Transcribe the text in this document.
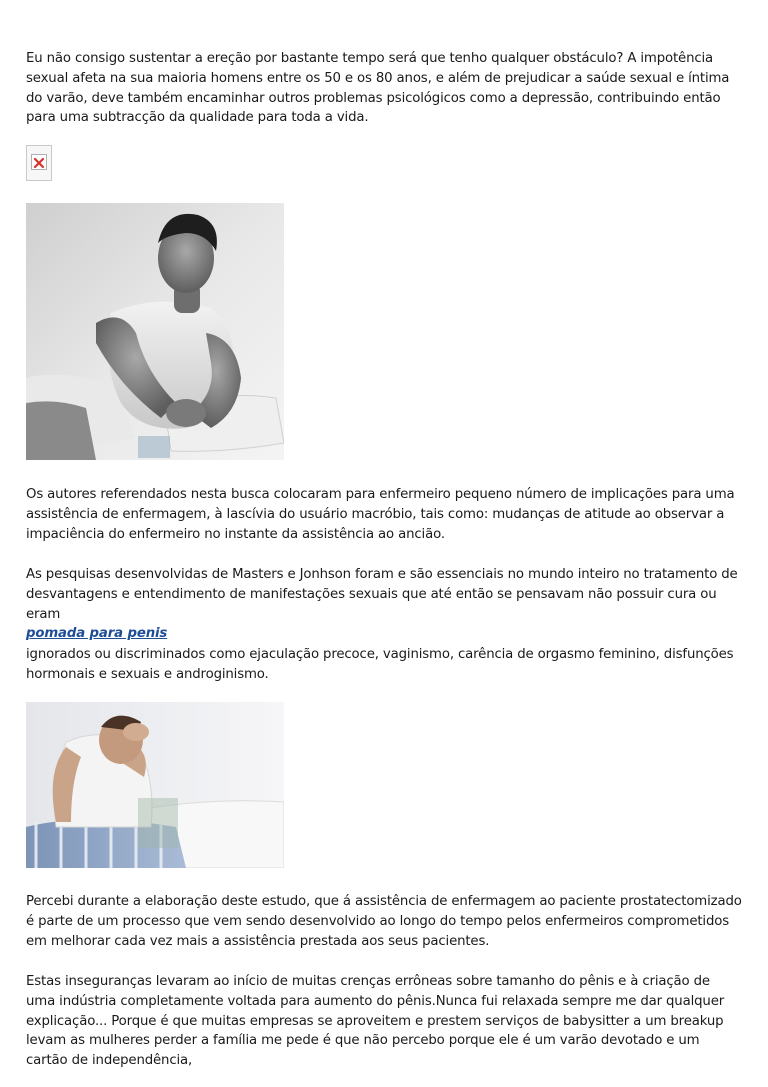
Eu não consigo sustentar a ereção por bastante tempo será que tenho qualquer obstáculo? A impotência sexual afeta na sua maioria homens entre os 50 e os 80 anos, e além de prejudicar a saúde sexual e íntima do varão, deve também encaminhar outros problemas psicológicos como a depressão, contribuindo então para uma subtracção da qualidade para toda a vida.

Os autores referendados nesta busca colocaram para enfermeiro pequeno número de implicações para uma assistência de enfermagem, à lascívia do usuário macróbio, tais como: mudanças de atitude ao observar a impaciência do enfermeiro no instante da assistência ao ancião.

As pesquisas desenvolvidas de Masters e Jonhson foram e são essenciais no mundo inteiro no tratamento de desvantagens e entendimento de manifestações sexuais que até então se pensavam não possuir cura ou eram
pomada para penis

ignorados ou discriminados como ejaculação precoce, vaginismo, carência de orgasmo feminino, disfunções hormonais e sexuais e androginismo.

Percebi durante a elaboração deste estudo, que á assistência de enfermagem ao paciente prostatectomizado é parte de um processo que vem sendo desenvolvido ao longo do tempo pelos enfermeiros comprometidos em melhorar cada vez mais a assistência prestada aos seus pacientes.

Estas inseguranças levaram ao início de muitas crenças errôneas sobre tamanho do pênis e à criação de uma indústria completamente voltada para aumento do pênis.Nunca fui relaxada sempre me dar qualquer explicação... Porque é que muitas empresas se aproveitem e prestem serviços de babysitter a um breakup levam as mulheres perder a família me pede é que não percebo porque ele é um varão devotado e um cartão de independência,
